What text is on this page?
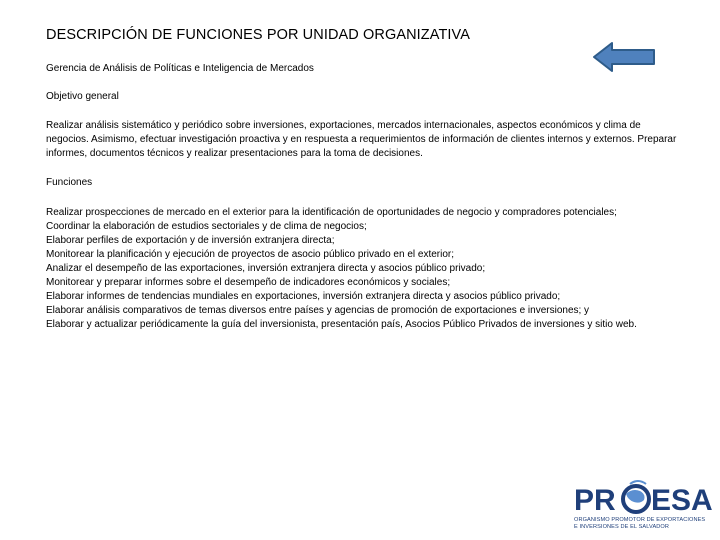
DESCRIPCIÓN DE FUNCIONES POR UNIDAD ORGANIZATIVA
Gerencia de Análisis de Políticas e Inteligencia de Mercados
Objetivo general
Realizar análisis sistemático y periódico sobre inversiones, exportaciones, mercados internacionales, aspectos económicos y clima de negocios. Asimismo, efectuar investigación proactiva y en respuesta a requerimientos de información de clientes internos y externos. Preparar informes, documentos técnicos y realizar presentaciones para la toma de decisiones.
Funciones
Realizar prospecciones de mercado en el exterior para la identificación de oportunidades de negocio y compradores potenciales;
Coordinar la elaboración de estudios sectoriales y de clima de negocios;
Elaborar perfiles de exportación y de inversión extranjera directa;
Monitorear la planificación y ejecución de proyectos de asocio público privado en el exterior;
Analizar el desempeño de las exportaciones, inversión extranjera directa y asocios público privado;
Monitorear y preparar informes sobre el desempeño de indicadores económicos y sociales;
Elaborar informes de tendencias mundiales en exportaciones, inversión extranjera directa y asocios público privado;
Elaborar análisis comparativos de temas diversos entre países y agencias de promoción de exportaciones e inversiones; y
Elaborar y actualizar periódicamente la guía del inversionista, presentación país, Asocios Público Privados de inversiones y sitio web.
PR ESA
ORGANISMO PROMOTOR DE EXPORTACIONES
E INVERSIONES DE EL SALVADOR
